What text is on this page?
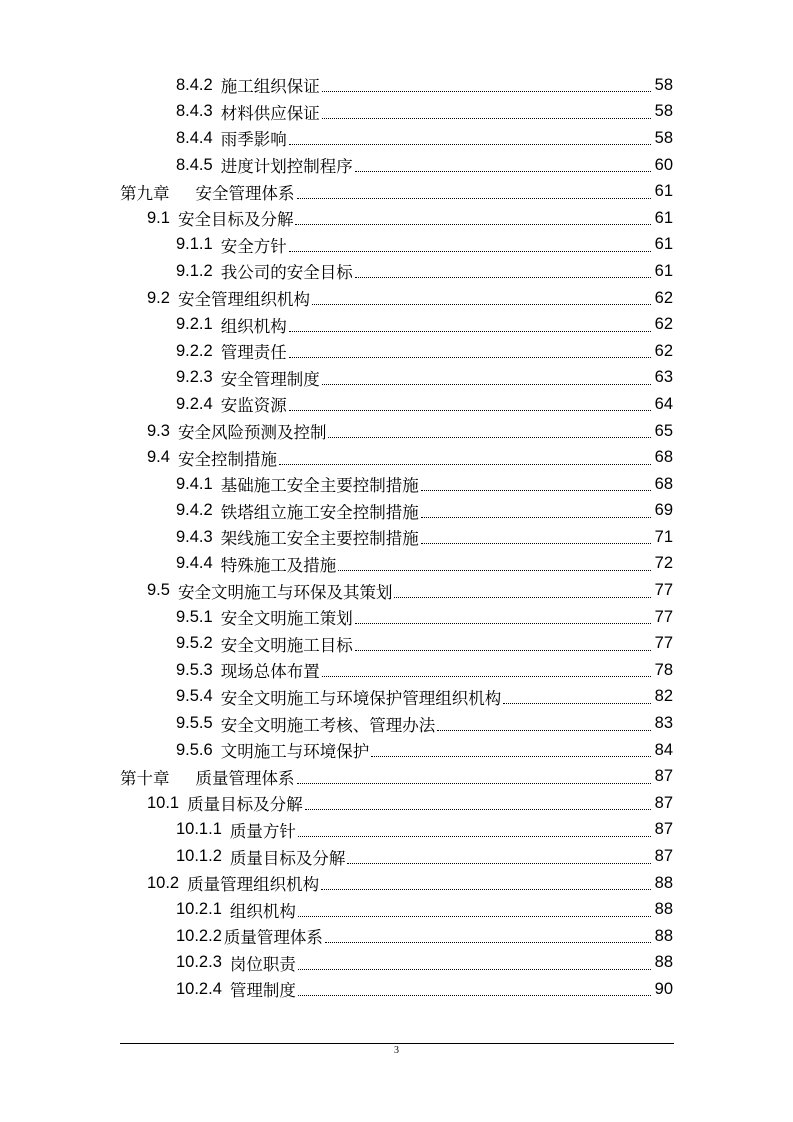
8.4.2 施工组织保证	58
8.4.3 材料供应保证	58
8.4.4 雨季影响	58
8.4.5 进度计划控制程序	60
第九章 安全管理体系	61
9.1 安全目标及分解	61
9.1.1 安全方针	61
9.1.2 我公司的安全目标	61
9.2 安全管理组织机构	62
9.2.1 组织机构	62
9.2.2 管理责任	62
9.2.3 安全管理制度	63
9.2.4 安监资源	64
9.3 安全风险预测及控制	65
9.4 安全控制措施	68
9.4.1 基础施工安全主要控制措施	68
9.4.2 铁塔组立施工安全控制措施	69
9.4.3 架线施工安全主要控制措施	71
9.4.4 特殊施工及措施	72
9.5 安全文明施工与环保及其策划	77
9.5.1 安全文明施工策划	77
9.5.2 安全文明施工目标	77
9.5.3 现场总体布置	78
9.5.4 安全文明施工与环境保护管理组织机构	82
9.5.5 安全文明施工考核、管理办法	83
9.5.6 文明施工与环境保护	84
第十章 质量管理体系	87
10.1 质量目标及分解	87
10.1.1 质量方针	87
10.1.2 质量目标及分解	87
10.2 质量管理组织机构	88
10.2.1 组织机构	88
10.2.2 质量管理体系	88
10.2.3 岗位职责	88
10.2.4 管理制度	90
3
